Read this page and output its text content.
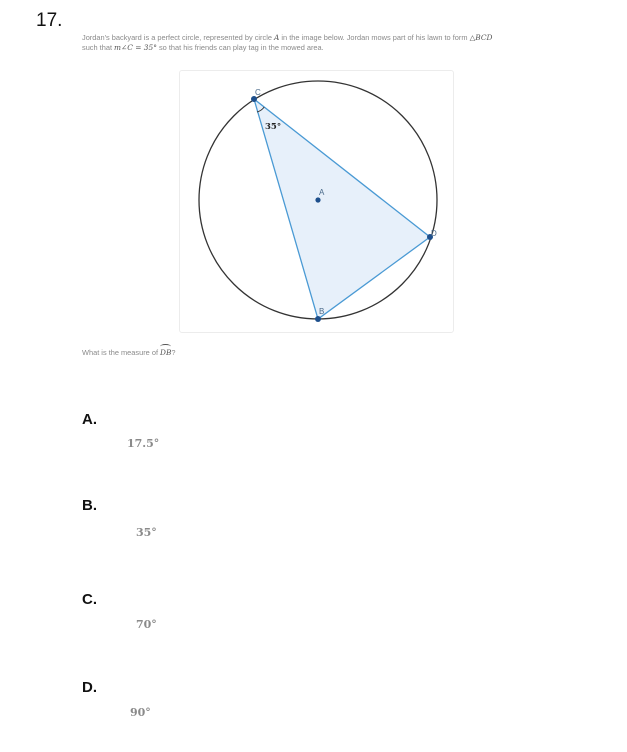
17.
Jordan's backyard is a perfect circle, represented by circle A in the image below. Jordan mows part of his lawn to form △BCD
such that m∠C = 35° so that his friends can play tag in the mowed area.
C
A
B
D
35°
What is the measure of
DB?
A.
17.5°
B.
35°
C.
70°
D.
90°
